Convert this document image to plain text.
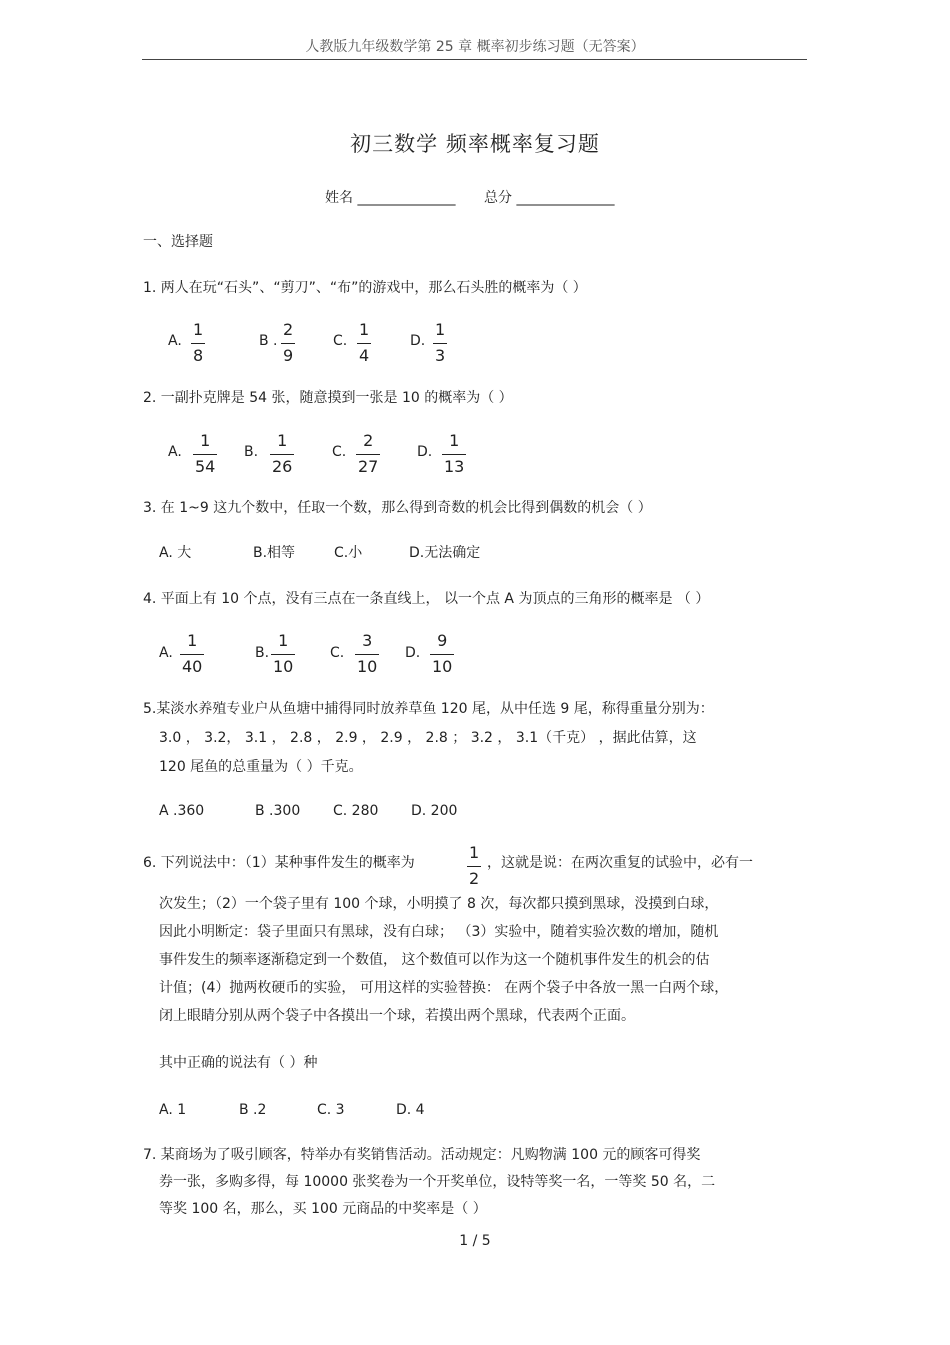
人教版九年级数学第 25 章 概率初步练习题（无答案）
初三数学 频率概率复习题
姓名 ______________ 总分 ______________
一、选择题
1. 两人在玩“石头”、“剪刀”、“布”的游戏中，那么石头胜的概率为（ ）
A.
1
8
B .
2
9
C.
1
4
D.
1
3
2. 一副扑克牌是 54 张，随意摸到一张是 10 的概率为（ ）
A.
1
54
B.
1
26
C.
2
27
D.
1
13
3. 在 1~9 这九个数中，任取一个数，那么得到奇数的机会比得到偶数的机会（ ）
A. 大	B.相等	C.小	D.无法确定
4. 平面上有 10 个点，没有三点在一条直线上， 以一个点 A 为顶点的三角形的概率是 （ ）
A.
1
40
B.
1
10
C.
3
10
D.
9
10
5.某淡水养殖专业户从鱼塘中捕得同时放养草鱼 120 尾，从中任选 9 尾，称得重量分别为：
3.0 ， 3.2， 3.1 ， 2.8 ， 2.9 ， 2.9 ， 2.8 ； 3.2 ， 3.1（千克） ，据此估算，这
120 尾鱼的总重量为（ ）千克。
A .360	B .300 C. 280 D. 200
6. 下列说法中：（1）某种事件发生的概率为
1
2
，这就是说：在两次重复的试验中，必有一
次发生；（2）一个袋子里有 100 个球，小明摸了 8 次，每次都只摸到黑球，没摸到白球，
因此小明断定：袋子里面只有黑球，没有白球； （3）实验中，随着实验次数的增加，随机
事件发生的频率逐渐稳定到一个数值， 这个数值可以作为这一个随机事件发生的机会的估
计值；(4）抛两枚硬币的实验， 可用这样的实验替换： 在两个袋子中各放一黑一白两个球，
闭上眼睛分别从两个袋子中各摸出一个球，若摸出两个黑球，代表两个正面。
其中正确的说法有（ ）种
A. 1	B .2	C. 3	D. 4
7. 某商场为了吸引顾客，特举办有奖销售活动。活动规定：凡购物满 100 元的顾客可得奖
券一张，多购多得，每 10000 张奖卷为一个开奖单位，设特等奖一名，一等奖 50 名，二
等奖 100 名，那么，买 100 元商品的中奖率是（ ）
1 / 5
